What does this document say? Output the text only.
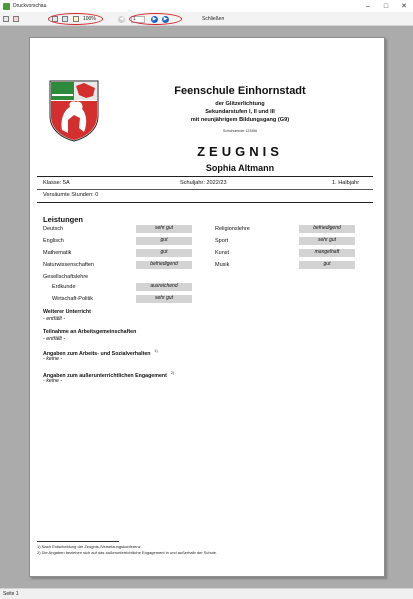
Druckvorschau	–	□	✕
100%	◀	1	▶	▶	Schließen
Feenschule Einhornstadt
der Glitzerlichtung
Sekundarstufen I, II und III
mit neunjährigem Bildungsgang (G9)
Schulnummer 123456
ZEUGNIS
Sophia Altmann
Klasse: 5A	Schuljahr: 2022/23	1. Halbjahr
Versäumte Stunden: 0
Leistungen
Deutsch	sehr gut
Englisch	gut
Mathematik	gut
Naturwissenschaften	befriedigend
Gesellschaftslehre
Erdkunde	ausreichend
Wirtschaft-Politik	sehr gut
Religionslehre	befriedigend
Sport	sehr gut
Kunst	mangelhaft
Musik	gut
Weiterer Unterricht
- entfällt -
Teilnahme an Arbeitsgemeinschaften
- entfällt -
Angaben zum Arbeits- und Sozialverhalten $^{1)}$
- keine -
Angaben zum außerunterrichtlichen Engagement $^{2)}$
- keine -
1) Nach Entscheidung der Zeugnis-/Versetzungskonferenz.
2) Die Angaben beziehen sich auf das außerunterrichtliche Engagement in und außerhalb der Schule.
Seite 1
